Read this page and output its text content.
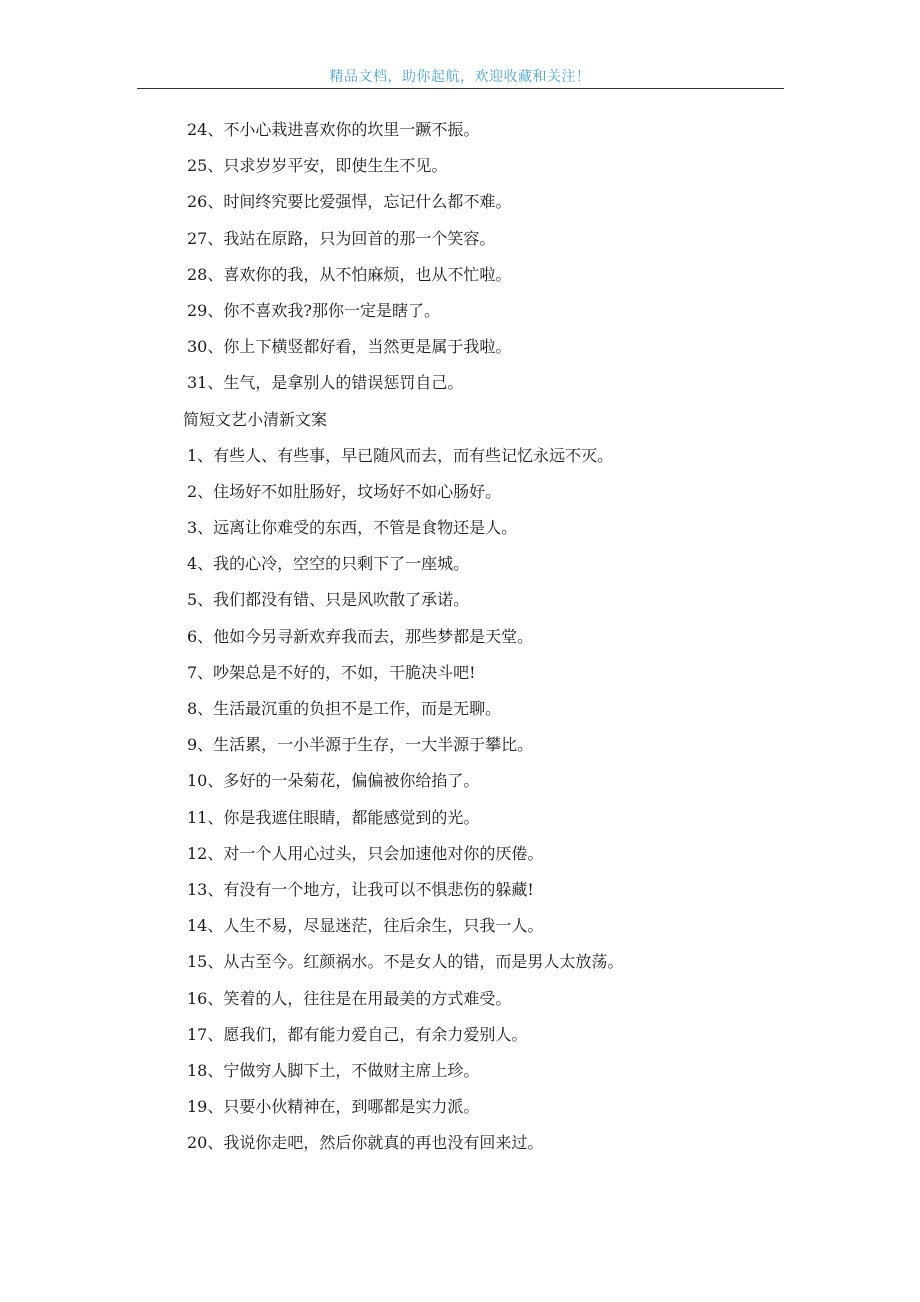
精品文档，助你起航，欢迎收藏和关注！
24、不小心栽进喜欢你的坎里一蹶不振。
25、只求岁岁平安，即使生生不见。
26、时间终究要比爱强悍，忘记什么都不难。
27、我站在原路，只为回首的那一个笑容。
28、喜欢你的我，从不怕麻烦，也从不忙啦。
29、你不喜欢我?那你一定是瞎了。
30、你上下横竖都好看，当然更是属于我啦。
31、生气，是拿别人的错误惩罚自己。
简短文艺小清新文案
1、有些人、有些事，早已随风而去，而有些记忆永远不灭。
2、住场好不如肚肠好，坟场好不如心肠好。
3、远离让你难受的东西，不管是食物还是人。
4、我的心冷，空空的只剩下了一座城。
5、我们都没有错、只是风吹散了承诺。
6、他如今另寻新欢弃我而去，那些梦都是天堂。
7、吵架总是不好的，不如，干脆决斗吧!
8、生活最沉重的负担不是工作，而是无聊。
9、生活累，一小半源于生存，一大半源于攀比。
10、多好的一朵菊花，偏偏被你给掐了。
11、你是我遮住眼睛，都能感觉到的光。
12、对一个人用心过头，只会加速他对你的厌倦。
13、有没有一个地方，让我可以不惧悲伤的躲藏!
14、人生不易，尽显迷茫，往后余生，只我一人。
15、从古至今。红颜祸水。不是女人的错，而是男人太放荡。
16、笑着的人，往往是在用最美的方式难受。
17、愿我们，都有能力爱自己，有余力爱别人。
18、宁做穷人脚下土，不做财主席上珍。
19、只要小伙精神在，到哪都是实力派。
20、我说你走吧，然后你就真的再也没有回来过。
